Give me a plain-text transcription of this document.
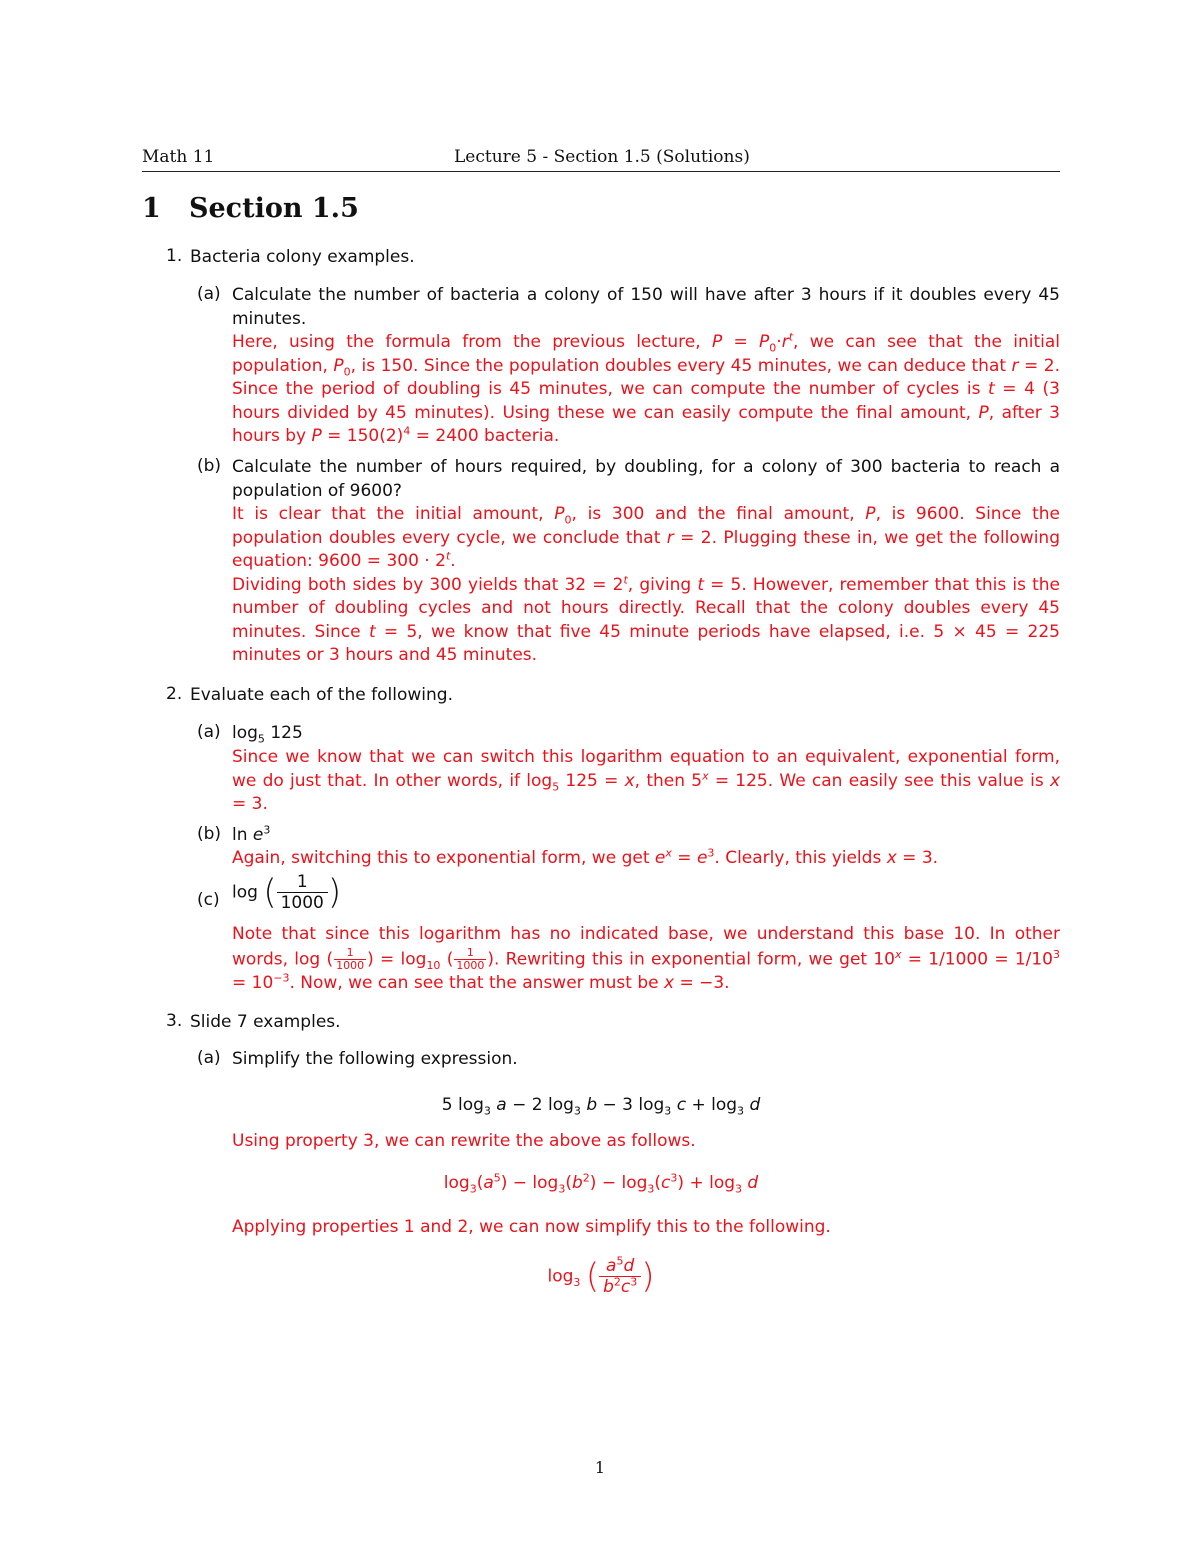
Math 11	Lecture 5 - Section 1.5 (Solutions)
1 Section 1.5
1. Bacteria colony examples.
(a) Calculate the number of bacteria a colony of 150 will have after 3 hours if it doubles every 45 minutes.
Here, using the formula from the previous lecture, $P = P_0\cdot r^t$, we can see that the initial population, $P_0$, is 150. Since the population doubles every 45 minutes, we can deduce that r = 2. Since the period of doubling is 45 minutes, we can compute the number of cycles is t = 4 (3 hours divided by 45 minutes). Using these we can easily compute the final amount, P, after 3 hours by $P = 150(2)^4 = 2400$ bacteria.
(b) Calculate the number of hours required, by doubling, for a colony of 300 bacteria to reach a population of 9600?
It is clear that the initial amount, $P_0$, is 300 and the final amount, P, is 9600. Since the population doubles every cycle, we conclude that r = 2. Plugging these in, we get the following equation: $9600 = 300 \cdot 2^t$.
Dividing both sides by 300 yields that $32 = 2^t$, giving t = 5. However, remember that this is the number of doubling cycles and not hours directly. Recall that the colony doubles every 45 minutes. Since t = 5, we know that five 45 minute periods have elapsed, i.e. 5 × 45 = 225 minutes or 3 hours and 45 minutes.
2. Evaluate each of the following.
(a) $\log_5 125$
Since we know that we can switch this logarithm equation to an equivalent, exponential form, we do just that. In other words, if $\log_5 125 = x$, then $5^x = 125$. We can easily see this value is x = 3.
(b) $\ln e^3$
Again, switching this to exponential form, we get $e^x = e^3$. Clearly, this yields x = 3.
(c) log ( $\frac{1}{1000}$ )
Note that since this logarithm has no indicated base, we understand this base 10. In other words, log ( $\frac{1}{1000}$ ) = $\log_{10}$ ( $\frac{1}{1000}$ ). Rewriting this in exponential form, we get $10^x = 1/1000 = 1/10^3 = 10^{-3}$. Now, we can see that the answer must be x = −3.
3. Slide 7 examples.
(a) Simplify the following expression.
5 $\log_3 a - 2$ $\log_3 b - 3$ $\log_3 c + \log_3 d$
Using property 3, we can rewrite the above as follows.
$\log_3(a^5) - \log_3(b^2) - \log_3(c^3) + \log_3 d$
Applying properties 1 and 2, we can now simplify this to the following.
$\log_3$ ( $\frac{a^5d}{b^2c^3}$ )
1
